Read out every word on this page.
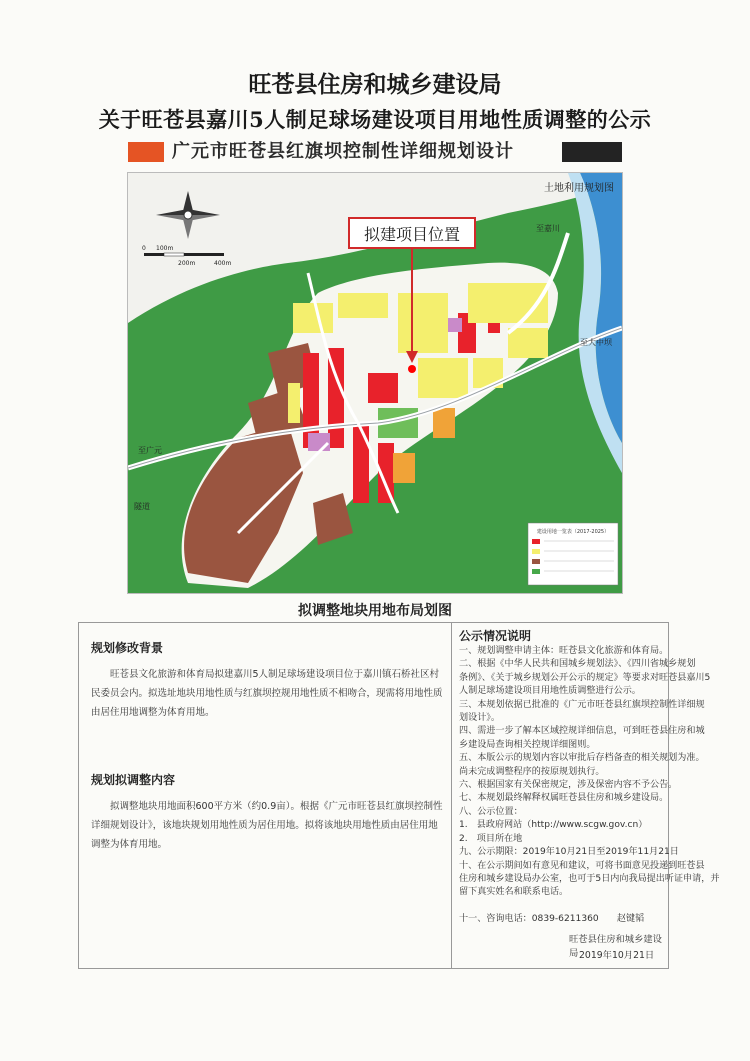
旺苍县住房和城乡建设局
关于旺苍县嘉川5人制足球场建设项目用地性质调整的公示
广元市旺苍县红旗坝控制性详细规划设计
拟建项目位置
土地利用规划图
至嘉川
至大中坝
至广元
隧道
0 100m
200m	400m
建设用地一览表（2017-2025）
拟调整地块用地布局划图
规划修改背景
旺苍县文化旅游和体育局拟建嘉川5人制足球场建设项目位于嘉川镇石桥社区村民委员会内。拟选址地块用地性质与红旗坝控规用地性质不相吻合，现需将用地性质由居住用地调整为体育用地。
规划拟调整内容
拟调整地块用地面积600平方米（约0.9亩）。根据《广元市旺苍县红旗坝控制性详细规划设计》，该地块规划用地性质为居住用地。拟将该地块用地性质由居住用地调整为体育用地。
公示情况说明
一、规划调整申请主体：旺苍县文化旅游和体育局。
二、根据《中华人民共和国城乡规划法》、《四川省城乡规划
条例》、《关于城乡规划公开公示的规定》等要求对旺苍县嘉川5
人制足球场建设项目用地性质调整进行公示。
三、本规划依据已批准的《广元市旺苍县红旗坝控制性详细规
划设计》。
四、需进一步了解本区域控规详细信息，可到旺苍县住房和城
乡建设局查询相关控规详细图则。
五、本版公示的规划内容以审批后存档备查的相关规划为准。
尚未完成调整程序的按原规划执行。
六、根据国家有关保密规定，涉及保密内容不予公告。
七、本规划最终解释权属旺苍县住房和城乡建设局。
八、公示位置：
1.　县政府网站（http://www.scgw.gov.cn）
2.　项目所在地
九、公示期限：2019年10月21日至2019年11月21日
十、在公示期间如有意见和建议，可将书面意见投递到旺苍县
住房和城乡建设局办公室，也可于5日内向我局提出听证申请，并
留下真实姓名和联系电话。
十一、咨询电话：0839-6211360　　赵键韬
旺苍县住房和城乡建设局 2019年10月21日
